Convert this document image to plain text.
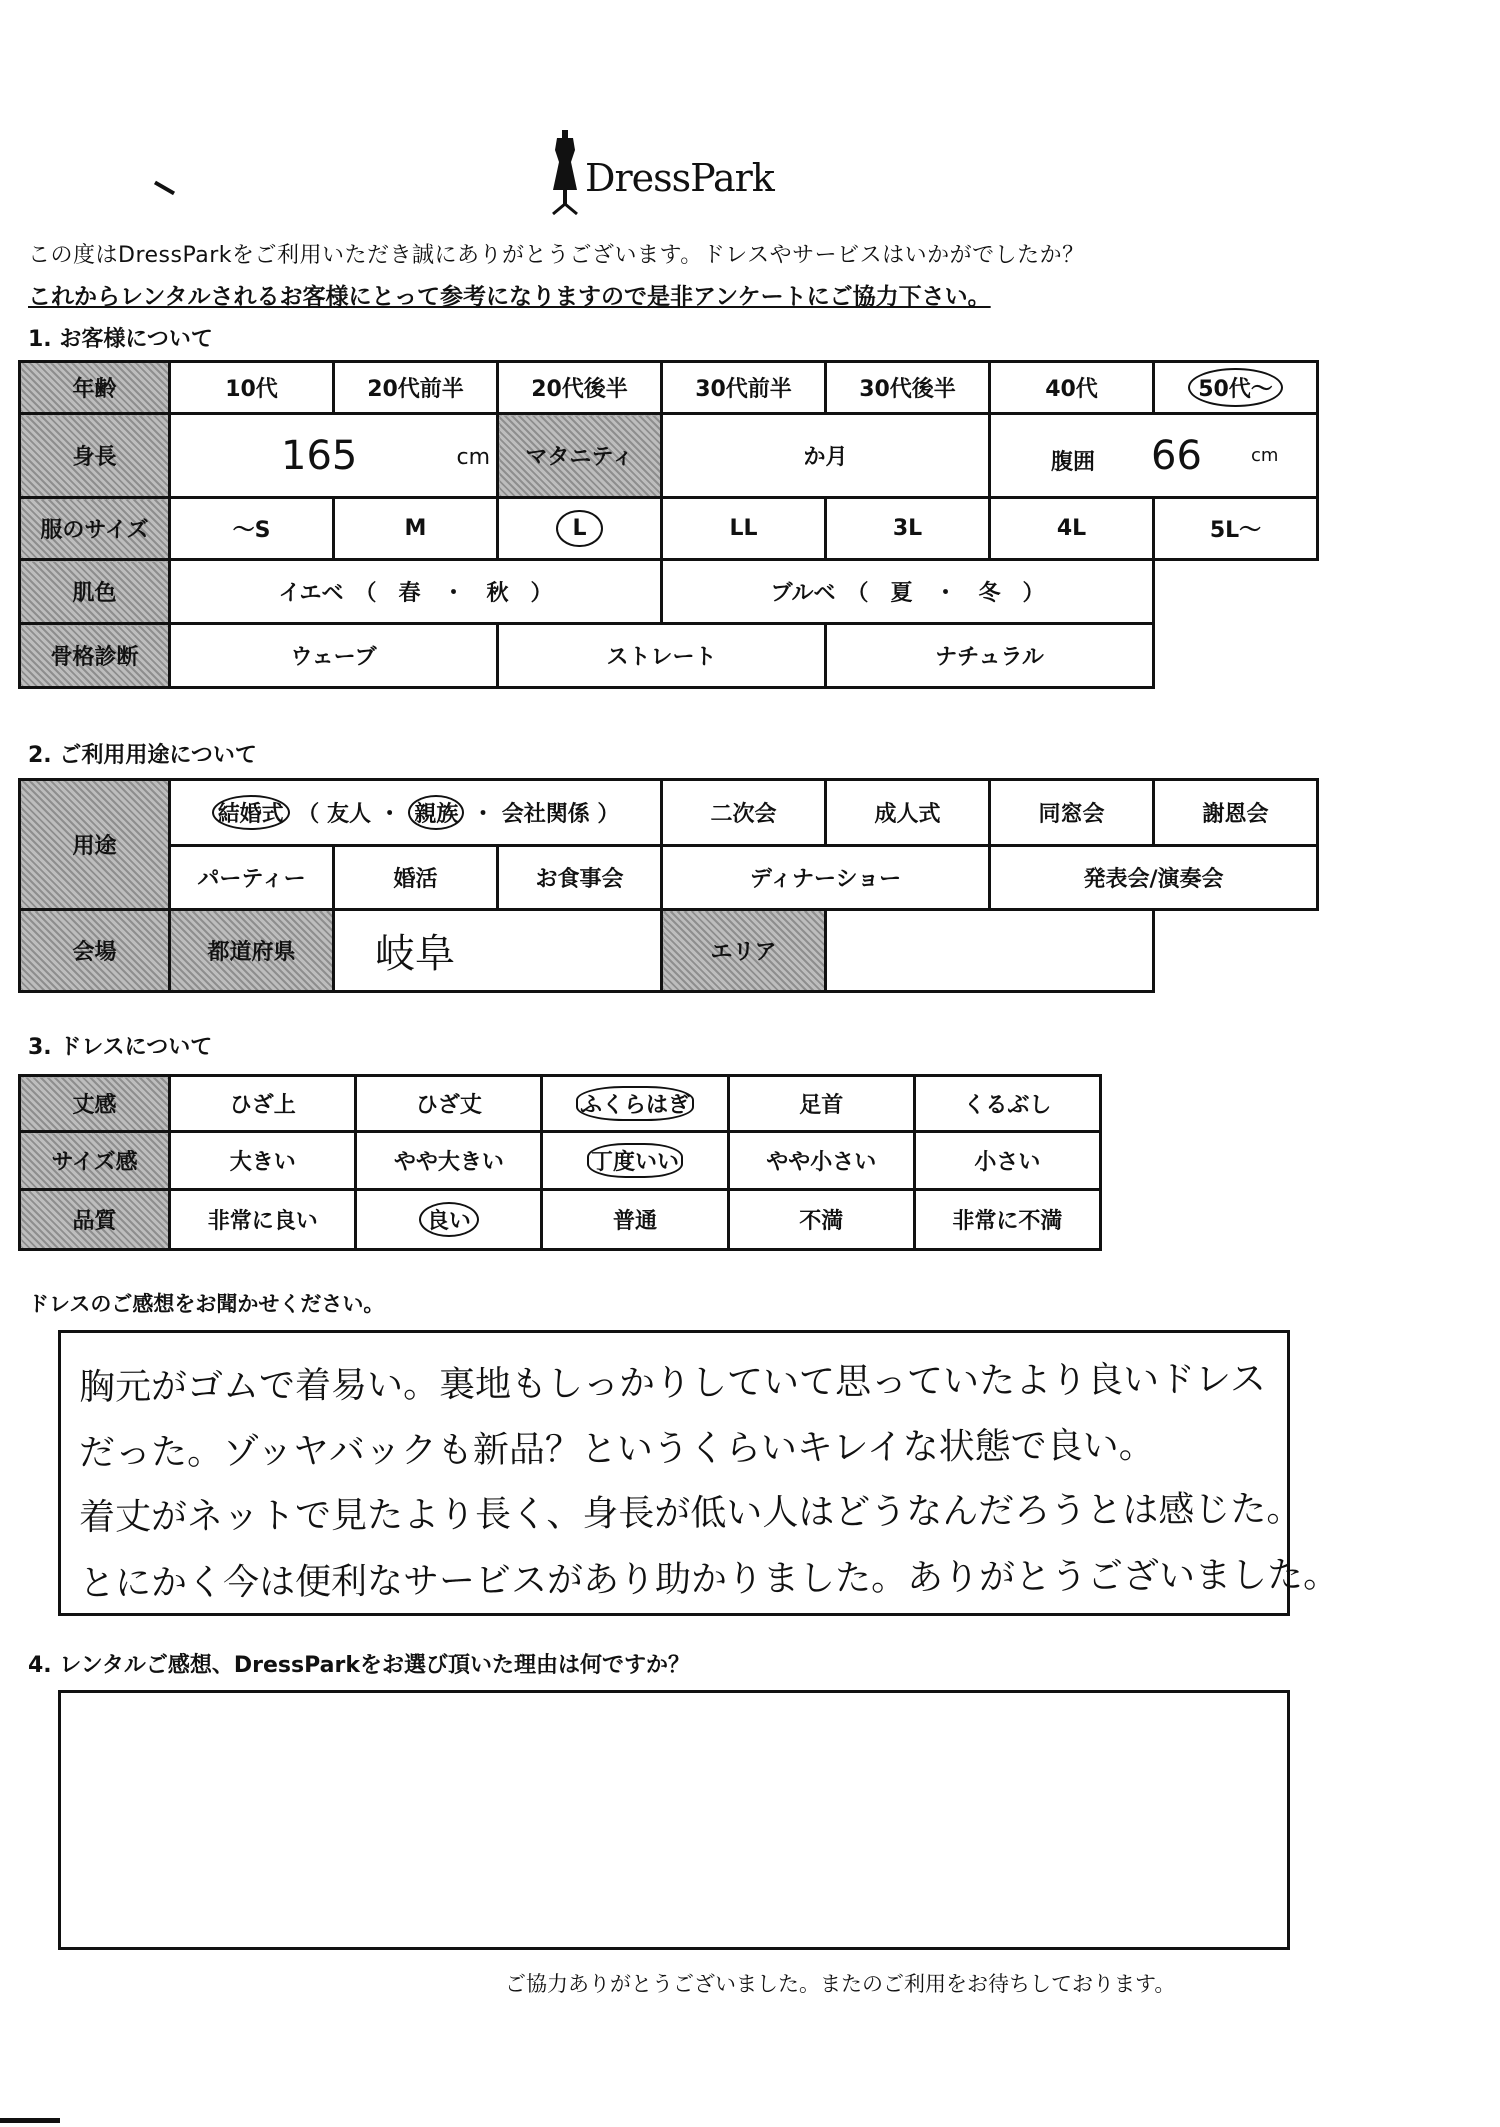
DressPark
この度はDressParkをご利用いただき誠にありがとうございます。ドレスやサービスはいかがでしたか？
これからレンタルされるお客様にとって参考になりますので是非アンケートにご協力下さい。
1. お客様について
年齢	10代	20代前半	20代後半	30代前半	30代後半	40代	50代～
身長	165 cm		マタニティ	か月		腹囲 66 cm	

服のサイズ	～S	M	L	LL	3L	4L	5L～
肌色	イエベ　（　春　・　秋　）			ブルベ　（　夏　・　冬　）			
骨格診断	ウェーブ		ストレート		ナチュラル		
2. ご利用用途について
用途	結婚式 （ 友人 ・ 親族 ・ 会社関係 ）			二次会	成人式	同窓会	謝恩会
	パーティー	婚活	お食事会	ディナーショー		発表会/演奏会	
会場	都道府県	岐阜		エリア			
3. ドレスについて
丈感	ひざ上	ひざ丈	ふくらはぎ	足首	くるぶし
サイズ感	大きい	やや大きい	丁度いい	やや小さい	小さい
品質	非常に良い	良い	普通	不満	非常に不満
ドレスのご感想をお聞かせください。
胸元がゴムで着易い。裏地もしっかりしていて思っていたより良いドレス
だった。ゾッヤバックも新品？というくらいキレイな状態で良い。
着丈がネットで見たより長く、身長が低い人はどうなんだろうとは感じた。
とにかく今は便利なサービスがあり助かりました。ありがとうございました。
4. レンタルご感想、DressParkをお選び頂いた理由は何ですか？
ご協力ありがとうございました。またのご利用をお待ちしております。
